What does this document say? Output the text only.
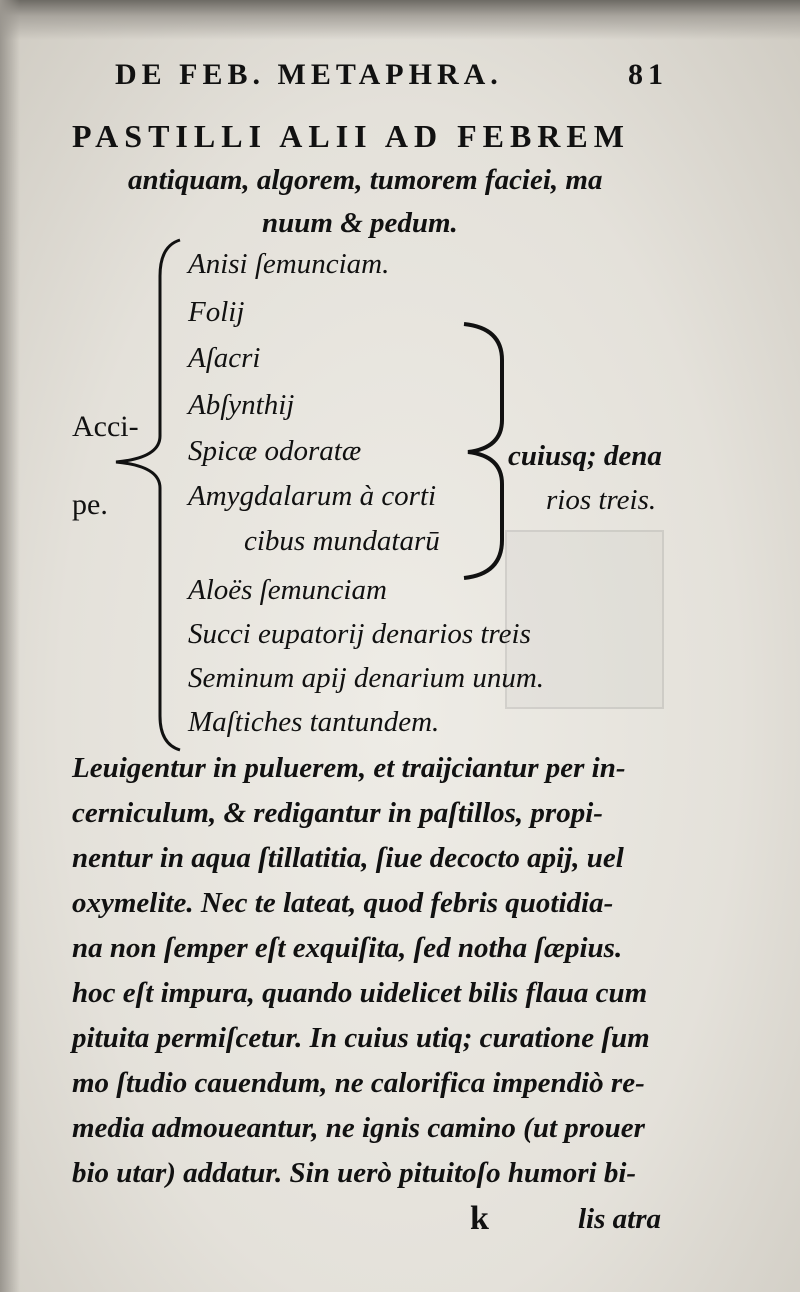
DE FEB. METAPHRA.	81
PASTILLI ALII AD FEBREM
antiquam, algorem, tumorem faciei, ma
nuum & pedum.
Acci-
pe.
Anisi ſemunciam.
Folij
Aſacri
Abſynthij
Spicæ odoratæ
Amygdalarum à corti
cibus mundatarū
Aloës ſemunciam
Succi eupatorij denarios treis
Seminum apij denarium unum.
Maſtiches tantundem.
cuiusq; dena
rios treis.
Leuigentur in puluerem, et traijciantur per in-
cerniculum, & redigantur in paſtillos, propi-
nentur in aqua ſtillatitia, ſiue decocto apij, uel
oxymelite. Nec te lateat, quod febris quotidia-
na non ſemper eſt exquiſita, ſed notha ſæpius.
hoc eſt impura, quando uidelicet bilis flaua cum
pituita permiſcetur. In cuius utiq; curatione ſum
mo ſtudio cauendum, ne calorifica impendiò re-
media admoueantur, ne ignis camino (ut prouer
bio utar) addatur. Sin uerò pituitoſo humori bi-
k	lis atra
